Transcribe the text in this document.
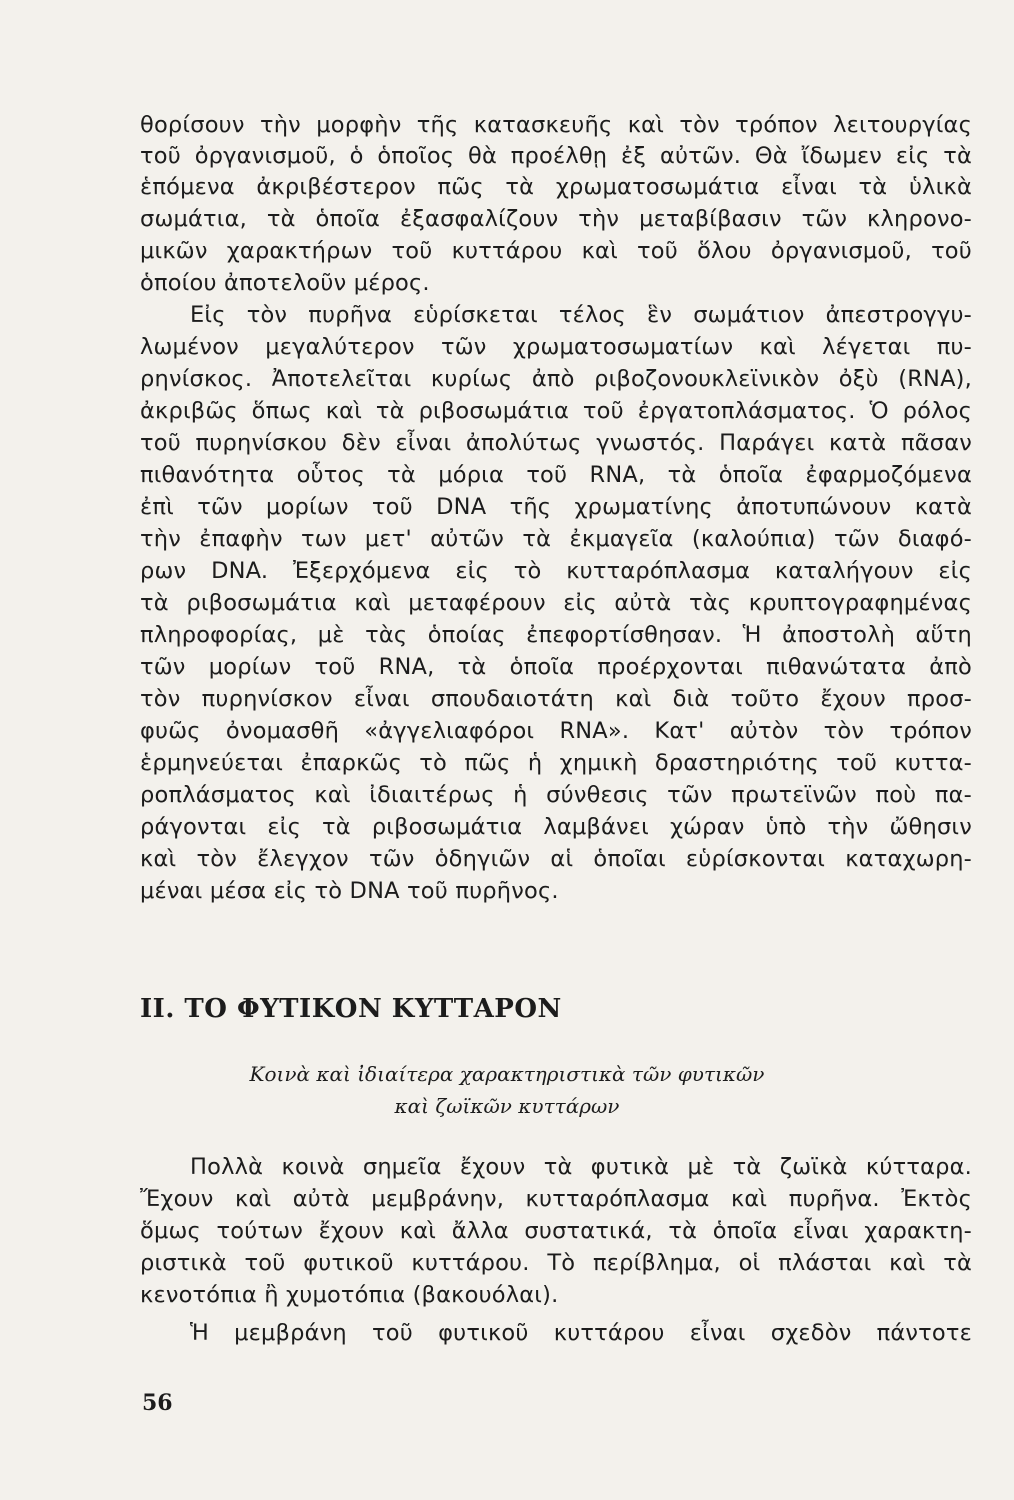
θορίσουν τὴν μορφὴν τῆς κατασκευῆς καὶ τὸν τρόπον λειτουργίας
τοῦ ὀργανισμοῦ, ὁ ὁποῖος θὰ προέλθῃ ἐξ αὐτῶν. Θὰ ἴδωμεν εἰς τὰ
ἑπόμενα ἀκριβέστερον πῶς τὰ χρωματοσωμάτια εἶναι τὰ ὑλικὰ
σωμάτια, τὰ ὁποῖα ἐξασφαλίζουν τὴν μεταβίβασιν τῶν κληρονο-
μικῶν χαρακτήρων τοῦ κυττάρου καὶ τοῦ ὅλου ὀργανισμοῦ, τοῦ
ὁποίου ἀποτελοῦν μέρος.
Εἰς τὸν πυρῆνα εὑρίσκεται τέλος ἓν σωμάτιον ἀπεστρογγυ-
λωμένον μεγαλύτερον τῶν χρωματοσωματίων καὶ λέγεται πυ-
ρηνίσκος. Ἀποτελεῖται κυρίως ἀπὸ ριβοζονουκλεϊνικὸν ὀξὺ (RNA),
ἀκριβῶς ὅπως καὶ τὰ ριβοσωμάτια τοῦ ἐργατοπλάσματος. Ὁ ρόλος
τοῦ πυρηνίσκου δὲν εἶναι ἀπολύτως γνωστός. Παράγει κατὰ πᾶσαν
πιθανότητα οὗτος τὰ μόρια τοῦ RNA, τὰ ὁποῖα ἐφαρμοζόμενα
ἐπὶ τῶν μορίων τοῦ DNA τῆς χρωματίνης ἀποτυπώνουν κατὰ
τὴν ἐπαφὴν των μετ' αὐτῶν τὰ ἐκμαγεῖα (καλούπια) τῶν διαφό-
ρων DNA. Ἐξερχόμενα εἰς τὸ κυτταρόπλασμα καταλήγουν εἰς
τὰ ριβοσωμάτια καὶ μεταφέρουν εἰς αὐτὰ τὰς κρυπτογραφημένας
πληροφορίας, μὲ τὰς ὁποίας ἐπεφορτίσθησαν. Ἡ ἀποστολὴ αὕτη
τῶν μορίων τοῦ RNA, τὰ ὁποῖα προέρχονται πιθανώτατα ἀπὸ
τὸν πυρηνίσκον εἶναι σπουδαιοτάτη καὶ διὰ τοῦτο ἔχουν προσ-
φυῶς ὀνομασθῆ «ἀγγελιαφόροι RNA». Κατ' αὐτὸν τὸν τρόπον
ἑρμηνεύεται ἐπαρκῶς τὸ πῶς ἡ χημικὴ δραστηριότης τοῦ κυττα-
ροπλάσματος καὶ ἰδιαιτέρως ἡ σύνθεσις τῶν πρωτεϊνῶν ποὺ πα-
ράγονται εἰς τὰ ριβοσωμάτια λαμβάνει χώραν ὑπὸ τὴν ὤθησιν
καὶ τὸν ἔλεγχον τῶν ὁδηγιῶν αἱ ὁποῖαι εὑρίσκονται καταχωρη-
μέναι μέσα εἰς τὸ DNA τοῦ πυρῆνος.
II. ΤΟ ΦΥΤΙΚΟΝ ΚΥΤΤΑΡΟΝ
Κοινὰ καὶ ἰδιαίτερα χαρακτηριστικὰ τῶν φυτικῶν
καὶ ζωϊκῶν κυττάρων
Πολλὰ κοινὰ σημεῖα ἔχουν τὰ φυτικὰ μὲ τὰ ζωϊκὰ κύτταρα.
Ἔχουν καὶ αὐτὰ μεμβράνην, κυτταρόπλασμα καὶ πυρῆνα. Ἐκτὸς
ὅμως τούτων ἔχουν καὶ ἄλλα συστατικά, τὰ ὁποῖα εἶναι χαρακτη-
ριστικὰ τοῦ φυτικοῦ κυττάρου. Τὸ περίβλημα, οἱ πλάσται καὶ τὰ
κενοτόπια ἢ χυμοτόπια (βακουόλαι).
Ἡ μεμβράνη τοῦ φυτικοῦ κυττάρου εἶναι σχεδὸν πάντοτε
56
